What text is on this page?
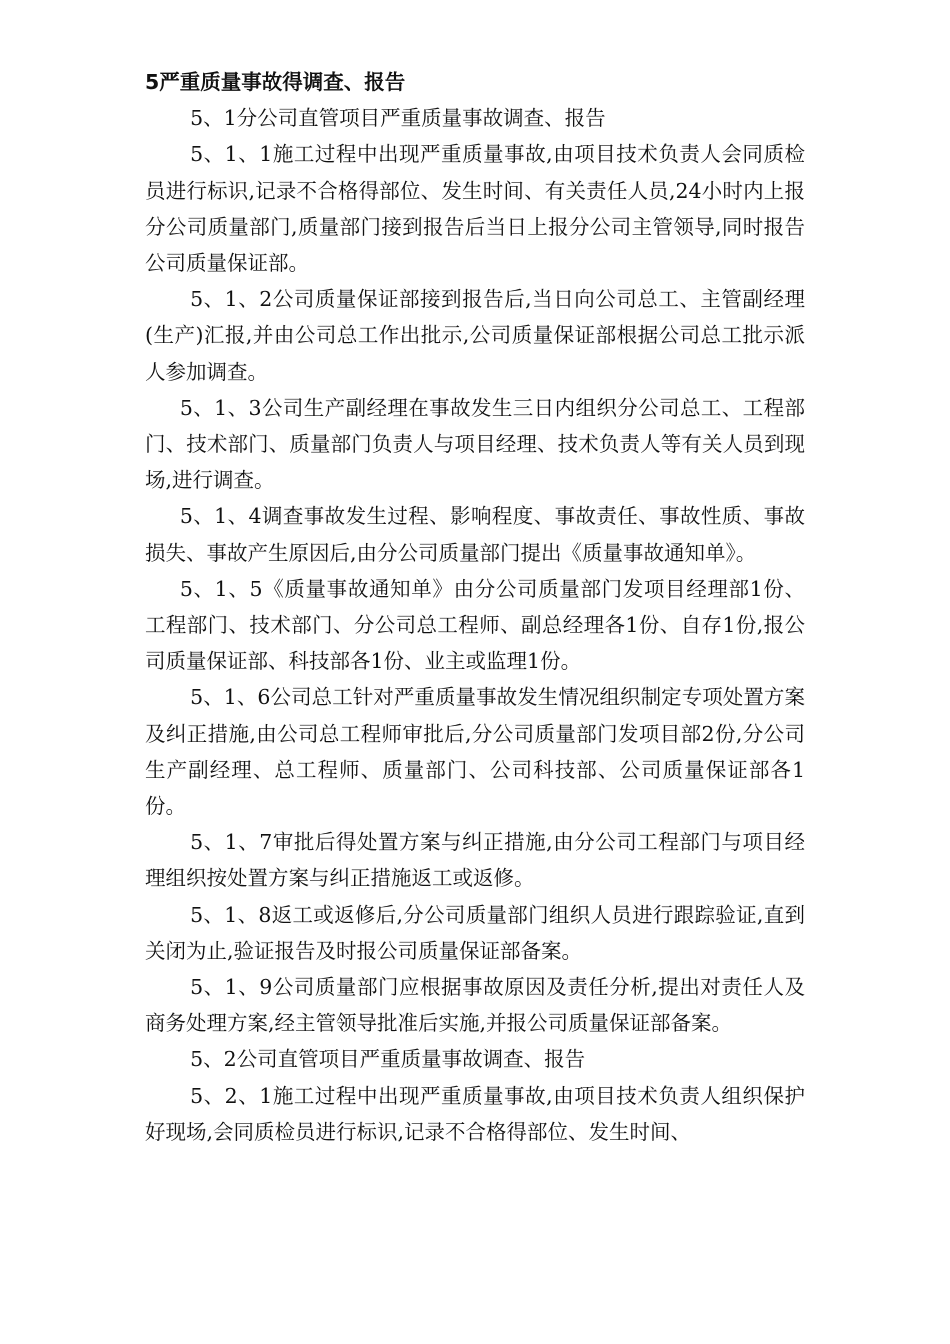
5严重质量事故得调查、报告

5、1分公司直管项目严重质量事故调查、报告

5、1、1施工过程中出现严重质量事故,由项目技术负责人会同质检员进行标识,记录不合格得部位、发生时间、有关责任人员,24小时内上报分公司质量部门,质量部门接到报告后当日上报分公司主管领导,同时报告公司质量保证部。

5、1、2公司质量保证部接到报告后,当日向公司总工、主管副经理(生产)汇报,并由公司总工作出批示,公司质量保证部根据公司总工批示派人参加调查。

5、1、3公司生产副经理在事故发生三日内组织分公司总工、工程部门、技术部门、质量部门负责人与项目经理、技术负责人等有关人员到现场,进行调查。

5、1、4调查事故发生过程、影响程度、事故责任、事故性质、事故损失、事故产生原因后,由分公司质量部门提出《质量事故通知单》。

5、1、5《质量事故通知单》由分公司质量部门发项目经理部1份、工程部门、技术部门、分公司总工程师、副总经理各1份、自存1份,报公司质量保证部、科技部各1份、业主或监理1份。

5、1、6公司总工针对严重质量事故发生情况组织制定专项处置方案及纠正措施,由公司总工程师审批后,分公司质量部门发项目部2份,分公司生产副经理、总工程师、质量部门、公司科技部、公司质量保证部各1份。

5、1、7审批后得处置方案与纠正措施,由分公司工程部门与项目经理组织按处置方案与纠正措施返工或返修。

5、1、8返工或返修后,分公司质量部门组织人员进行跟踪验证,直到关闭为止,验证报告及时报公司质量保证部备案。

5、1、9公司质量部门应根据事故原因及责任分析,提出对责任人及商务处理方案,经主管领导批准后实施,并报公司质量保证部备案。

5、2公司直管项目严重质量事故调查、报告

5、2、1施工过程中出现严重质量事故,由项目技术负责人组织保护好现场,会同质检员进行标识,记录不合格得部位、发生时间、
